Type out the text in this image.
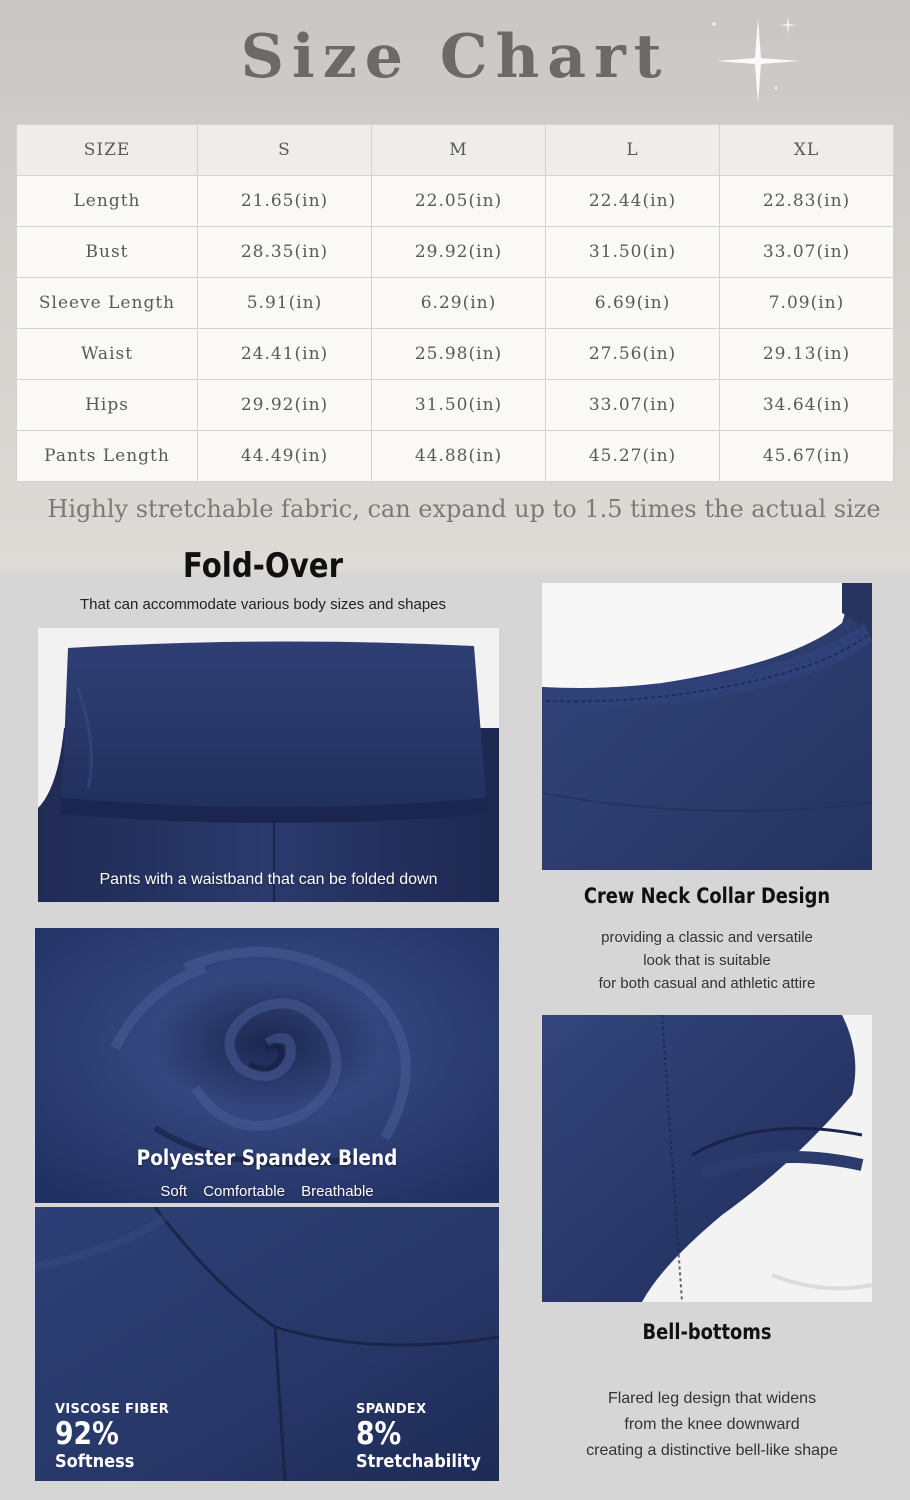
Size Chart
SIZE	S	M	L	XL
Length	21.65(in)	22.05(in)	22.44(in)	22.83(in)
Bust	28.35(in)	29.92(in)	31.50(in)	33.07(in)
Sleeve Length	5.91(in)	6.29(in)	6.69(in)	7.09(in)
Waist	24.41(in)	25.98(in)	27.56(in)	29.13(in)
Hips	29.92(in)	31.50(in)	33.07(in)	34.64(in)
Pants Length	44.49(in)	44.88(in)	45.27(in)	45.67(in)
Highly stretchable fabric, can expand up to 1.5 times the actual size
Fold-Over
That can accommodate various body sizes and shapes
Pants with a waistband that can be folded down
Crew Neck Collar Design
providing a classic and versatile
look that is suitable
for both casual and athletic attire
Polyester Spandex Blend
Soft Comfortable Breathable
VISCOSE FIBER
92%
Softness
SPANDEX
8%
Stretchability
Bell-bottoms
Flared leg design that widens
from the knee downward
creating a distinctive bell-like shape
